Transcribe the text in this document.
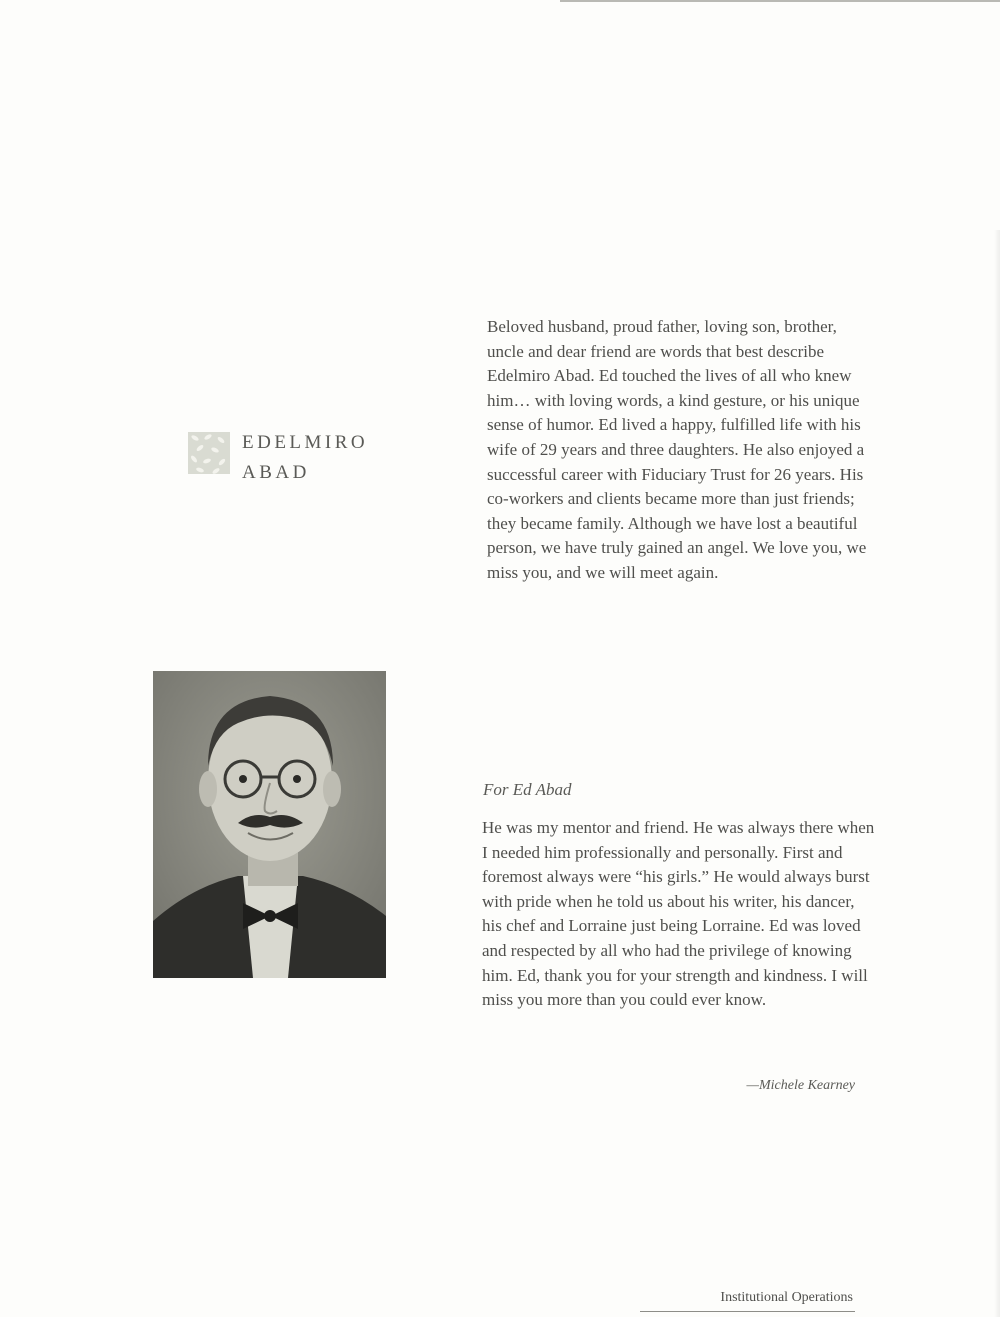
EDELMIRO
ABAD
Beloved husband, proud father, loving son, brother, uncle and dear friend are words that best describe Edelmiro Abad. Ed touched the lives of all who knew him… with loving words, a kind gesture, or his unique sense of humor. Ed lived a happy, fulfilled life with his wife of 29 years and three daughters. He also enjoyed a successful career with Fiduciary Trust for 26 years. His co-workers and clients became more than just friends; they became family. Although we have lost a beautiful person, we have truly gained an angel. We love you, we miss you, and we will meet again.
For Ed Abad
He was my mentor and friend. He was always there when I needed him professionally and personally. First and foremost always were “his girls.” He would always burst with pride when he told us about his writer, his dancer, his chef and Lorraine just being Lorraine. Ed was loved and respected by all who had the privilege of knowing him. Ed, thank you for your strength and kindness. I will miss you more than you could ever know.
—Michele Kearney
Institutional Operations
